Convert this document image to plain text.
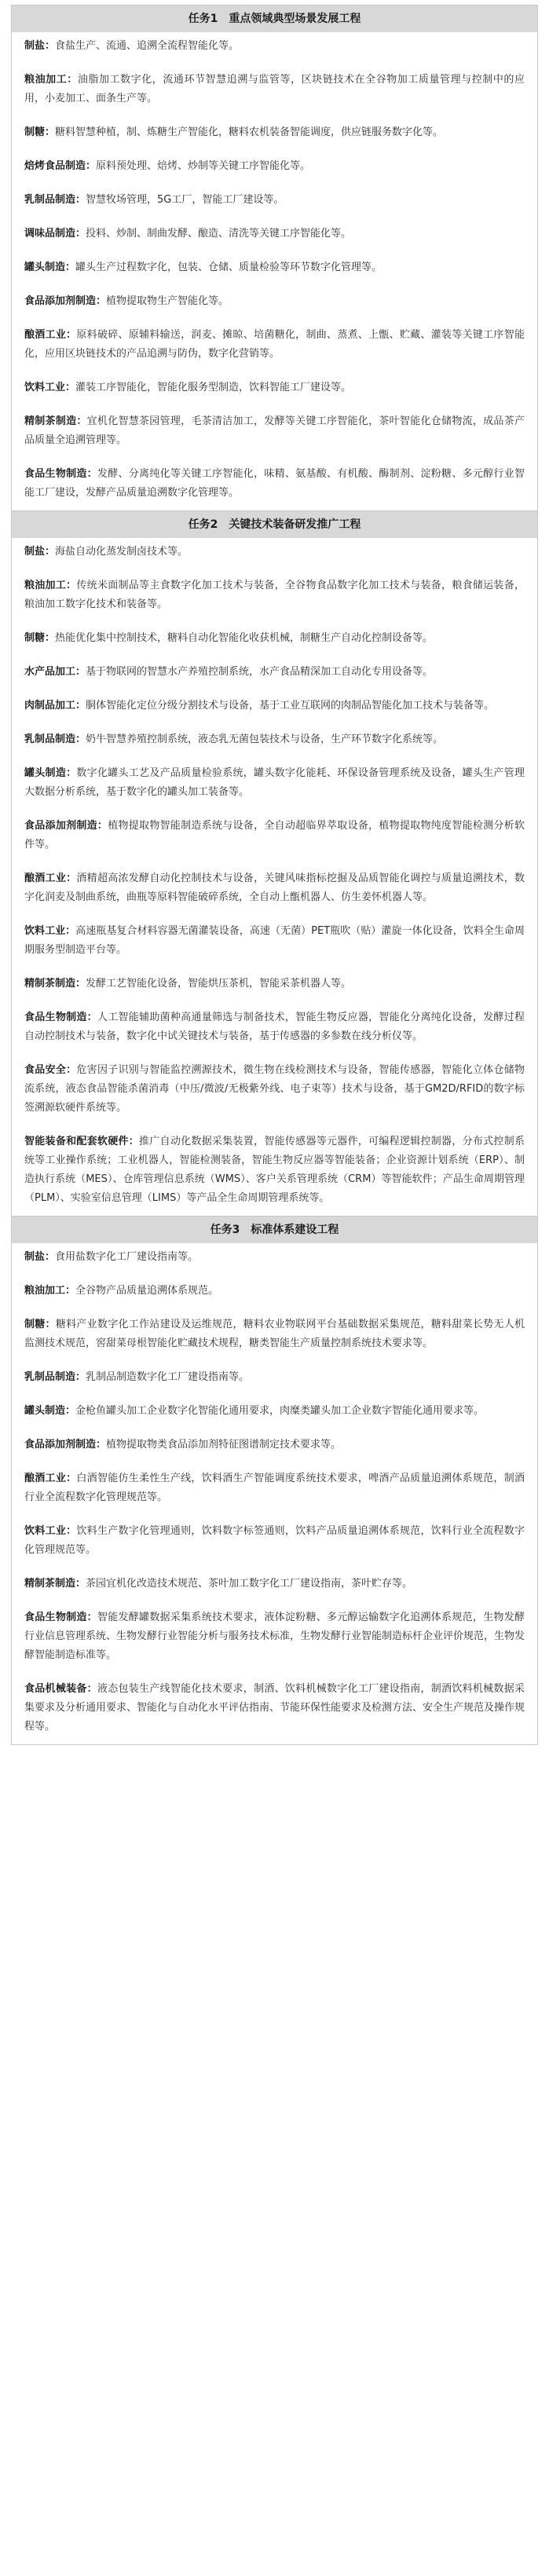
任务1　重点领域典型场景发展工程

制盐：食盐生产、流通、追溯全流程智能化等。

粮油加工：油脂加工数字化，流通环节智慧追溯与监管等，区块链技术在全谷物加工质量管理与控制中的应用，小麦加工、面条生产等。

制糖：糖料智慧种植，制、炼糖生产智能化，糖料农机装备智能调度，供应链服务数字化等。

焙烤食品制造：原料预处理、焙烤、炒制等关键工序智能化等。

乳制品制造：智慧牧场管理，5G工厂，智能工厂建设等。

调味品制造：投料、炒制、制曲发酵、酿造、清洗等关键工序智能化等。

罐头制造：罐头生产过程数字化，包装、仓储、质量检验等环节数字化管理等。

食品添加剂制造：植物提取物生产智能化等。

酿酒工业：原料破碎、原辅料输送，润麦、摊晾、培菌糖化，制曲、蒸煮、上甑、贮藏、灌装等关键工序智能化，应用区块链技术的产品追溯与防伪，数字化营销等。

饮料工业：灌装工序智能化，智能化服务型制造，饮料智能工厂建设等。

精制茶制造：宜机化智慧茶园管理，毛茶清洁加工，发酵等关键工序智能化，茶叶智能化仓储物流，成品茶产品质量全追溯管理等。

食品生物制造：发酵、分离纯化等关键工序智能化，味精、氨基酸、有机酸、酶制剂、淀粉糖、多元醇行业智能工厂建设，发酵产品质量追溯数字化管理等。

任务2　关键技术装备研发推广工程

制盐：海盐自动化蒸发制卤技术等。

粮油加工：传统米面制品等主食数字化加工技术与装备，全谷物食品数字化加工技术与装备，粮食储运装备，粮油加工数字化技术和装备等。

制糖：热能优化集中控制技术，糖料自动化智能化收获机械，制糖生产自动化控制设备等。

水产品加工：基于物联网的智慧水产养殖控制系统，水产食品精深加工自动化专用设备等。

肉制品加工：胴体智能化定位分级分割技术与设备，基于工业互联网的肉制品智能化加工技术与装备等。

乳制品制造：奶牛智慧养殖控制系统，液态乳无菌包装技术与设备，生产环节数字化系统等。

罐头制造：数字化罐头工艺及产品质量检验系统，罐头数字化能耗、环保设备管理系统及设备，罐头生产管理大数据分析系统，基于数字化的罐头加工装备等。

食品添加剂制造：植物提取物智能制造系统与设备，全自动超临界萃取设备，植物提取物纯度智能检测分析软件等。

酿酒工业：酒精超高浓发酵自动化控制技术与设备，关键风味指标挖掘及品质智能化调控与质量追溯技术，数字化润麦及制曲系统，曲瓶等原料智能破碎系统，全自动上甑机器人、仿生姜怀机器人等。

饮料工业：高速瓶基复合材料容器无菌灌装设备，高速（无菌）PET瓶吹（贴）灌旋一体化设备，饮料全生命周期服务型制造平台等。

精制茶制造：发酵工艺智能化设备，智能烘压茶机，智能采茶机器人等。

食品生物制造：人工智能辅助菌种高通量筛选与制备技术，智能生物反应器，智能化分离纯化设备，发酵过程自动控制技术与装备，数字化中试关键技术与装备，基于传感器的多参数在线分析仪等。

食品安全：危害因子识别与智能监控溯源技术，微生物在线检测技术与设备，智能传感器，智能化立体仓储物流系统，液态食品智能杀菌消毒（中压/微波/无极紫外线、电子束等）技术与设备，基于GM2D/RFID的数字标签溯源软硬件系统等。

智能装备和配套软硬件：推广自动化数据采集装置，智能传感器等元器件，可编程逻辑控制器，分布式控制系统等工业操作系统；工业机器人，智能检测装备，智能生物反应器等智能装备；企业资源计划系统（ERP）、制造执行系统（MES）、仓库管理信息系统（WMS）、客户关系管理系统（CRM）等智能软件；产品生命周期管理（PLM）、实验室信息管理（LIMS）等产品全生命周期管理系统等。

任务3　标准体系建设工程

制盐：食用盐数字化工厂建设指南等。

粮油加工：全谷物产品质量追溯体系规范。

制糖：糖料产业数字化工作站建设及运维规范，糖料农业物联网平台基础数据采集规范，糖料甜菜长势无人机监测技术规范，窖甜菜母根智能化贮藏技术规程，糖类智能生产质量控制系统技术要求等。

乳制品制造：乳制品制造数字化工厂建设指南等。

罐头制造：金枪鱼罐头加工企业数字化智能化通用要求，肉糜类罐头加工企业数字智能化通用要求等。

食品添加剂制造：植物提取物类食品添加剂特征图谱制定技术要求等。

酿酒工业：白酒智能仿生柔性生产线，饮料酒生产智能调度系统技术要求，啤酒产品质量追溯体系规范，制酒行业全流程数字化管理规范等。

饮料工业：饮料生产数字化管理通则，饮料数字标签通则，饮料产品质量追溯体系规范，饮料行业全流程数字化管理规范等。

精制茶制造：茶园宜机化改造技术规范、茶叶加工数字化工厂建设指南，茶叶贮存等。

食品生物制造：智能发酵罐数据采集系统技术要求，液体淀粉糖、多元醇运输数字化追溯体系规范，生物发酵行业信息管理系统、生物发酵行业智能分析与服务技术标准，生物发酵行业智能制造标杆企业评价规范，生物发酵智能制造标准等。

食品机械装备：液态包装生产线智能化技术要求，制酒、饮料机械数字化工厂建设指南，制酒饮料机械数据采集要求及分析通用要求、智能化与自动化水平评估指南、节能环保性能要求及检测方法、安全生产规范及操作规程等。
